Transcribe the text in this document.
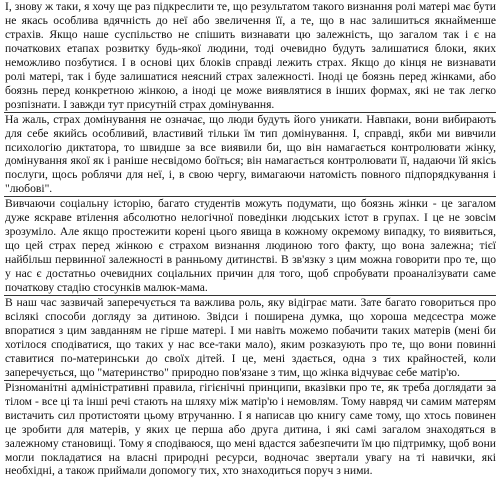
І, знову ж таки, я хочу ще раз підкреслити те, що результатом такого визнання ролі матері має бути не якась особлива вдячність до неї або звеличення її, а те, що в нас залишиться якнайменше страхів. Якщо наше суспільство не спішить визнавати цю залежність, що загалом так і є на початкових етапах розвитку будь-якої людини, тоді очевидно будуть залишатися блоки, яких неможливо позбутися. І в основі цих блоків справді лежить страх. Якщо до кінця не визнавати ролі матері, так і буде залишатися неясний страх залежності. Іноді це боязнь перед жінками, або боязнь перед конкретною жінкою, а іноді це може виявлятися в інших формах, які не так легко розпізнати. І завжди тут присутній страх домінування.

На жаль, страх домінування не означає, що люди будуть його уникати. Навпаки, вони вибирають для себе якийсь особливий, властивий тільки їм тип домінування. І, справді, якби ми вивчили психологію диктатора, то швидше за все виявили би, що він намагається контролювати жінку, домінування якої як і раніше несвідомо боїться; він намагається контролювати її, надаючи їй якісь послуги, щось роблячи для неї, і, в свою чергу, вимагаючи натомість повного підпорядкування і "любові".

Вивчаючи соціальну історію, багато студентів можуть подумати, що боязнь жінки - це загалом дуже яскраве втілення абсолютно нелогічної поведінки людських істот в групах. І це не зовсім зрозуміло. Але якщо простежити корені цього явища в кожному окремому випадку, то виявиться, що цей страх перед жінкою є страхом визнання людиною того факту, що вона залежна; тієї найбільш первинної залежності в ранньому дитинстві. В зв'язку з цим можна говорити про те, що у нас є достатньо очевидних соціальних причин для того, щоб спробувати проаналізувати саме початкову стадію стосунків малюк-мама.

В наш час зазвичай заперечується та важлива роль, яку відіграє мати. Зате багато говориться про всілякі способи догляду за дитиною. Звідси і поширена думка, що хороша медсестра може впоратися з цим завданням не гірше матері. І ми навіть можемо побачити таких матерів (мені би хотілося сподіватися, що таких у нас все-таки мало), яким розказують про те, що вони повинні ставитися по-материнськи до своїх дітей. І це, мені здається, одна з тих крайностей, коли заперечується, що "материнство" природно пов'язане з тим, що жінка відчуває себе матір'ю.

Різноманітні адміністративні правила, гігієнічні принципи, вказівки про те, як треба доглядати за тілом - все ці та інші речі стають на шляху між матір'ю і немовлям. Тому навряд чи самим матерям вистачить сил протистояти цьому втручанню. І я написав цю книгу саме тому, що хтось повинен це зробити для матерів, у яких це перша або друга дитина, і які самі загалом знаходяться в залежному становищі. Тому я сподіваюся, що мені вдастся забезпечити їм цю підтримку, щоб вони могли покладатися на власні природні ресурси, водночас звертали увагу на ті навички, які необхідні, а також приймали допомогу тих, хто знаходиться поруч з ними.
